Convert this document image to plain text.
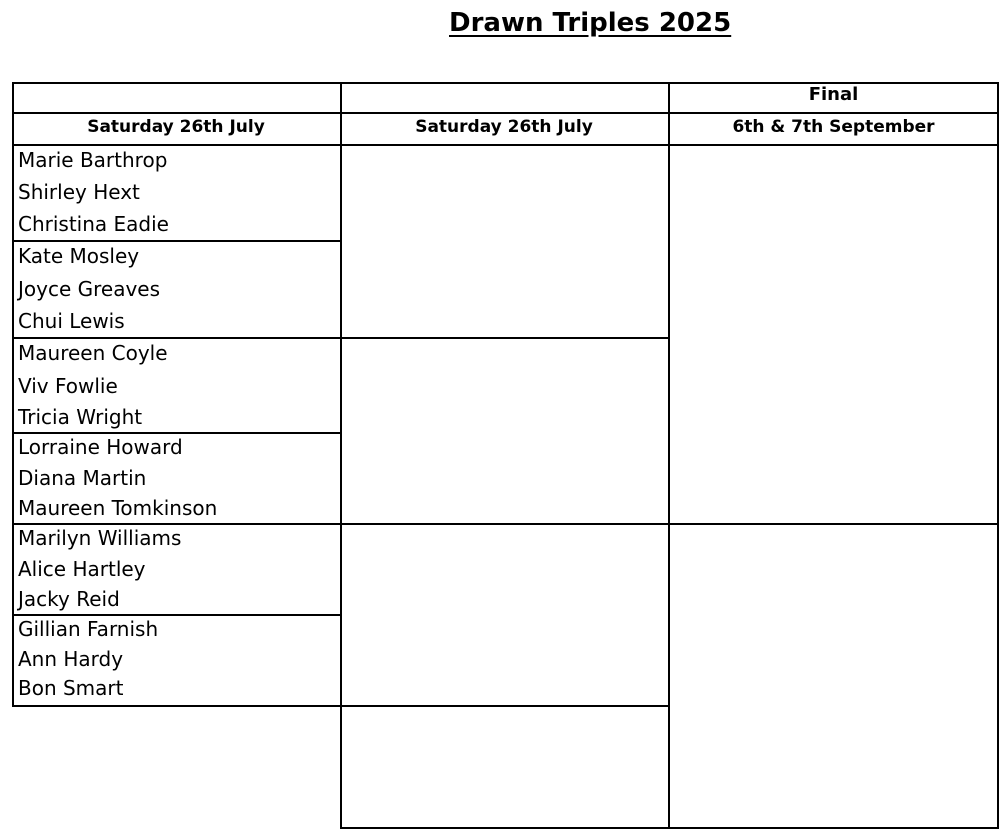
Drawn Triples 2025
Final
Saturday 26th July	Saturday 26th July	6th & 7th September
Marie Barthrop
Shirley Hext
Christina Eadie
Kate Mosley
Joyce Greaves
Chui Lewis
Maureen Coyle
Viv Fowlie
Tricia Wright
Lorraine Howard
Diana Martin
Maureen Tomkinson
Marilyn Williams
Alice Hartley
Jacky Reid
Gillian Farnish
Ann Hardy
Bon Smart
